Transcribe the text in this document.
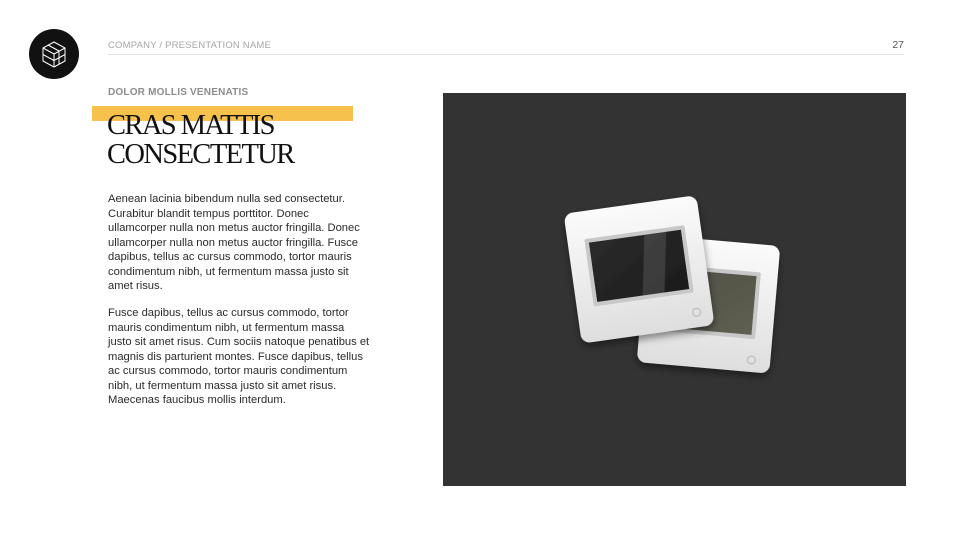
COMPANY / PRESENTATION NAME	27
DOLOR MOLLIS VENENATIS
CRAS MATTIS
CONSECTETUR

Aenean lacinia bibendum nulla sed consectetur. Curabitur blandit tempus porttitor. Donec ullamcorper nulla non metus auctor fringilla. Donec ullamcorper nulla non metus auctor fringilla. Fusce dapibus, tellus ac cursus commodo, tortor mauris condimentum nibh, ut fermentum massa justo sit amet risus.

Fusce dapibus, tellus ac cursus commodo, tortor mauris condimentum nibh, ut fermentum massa justo sit amet risus. Cum sociis natoque penatibus et magnis dis parturient montes. Fusce dapibus, tellus ac cursus commodo, tortor mauris condimentum nibh, ut fermentum massa justo sit amet risus. Maecenas faucibus mollis interdum.
